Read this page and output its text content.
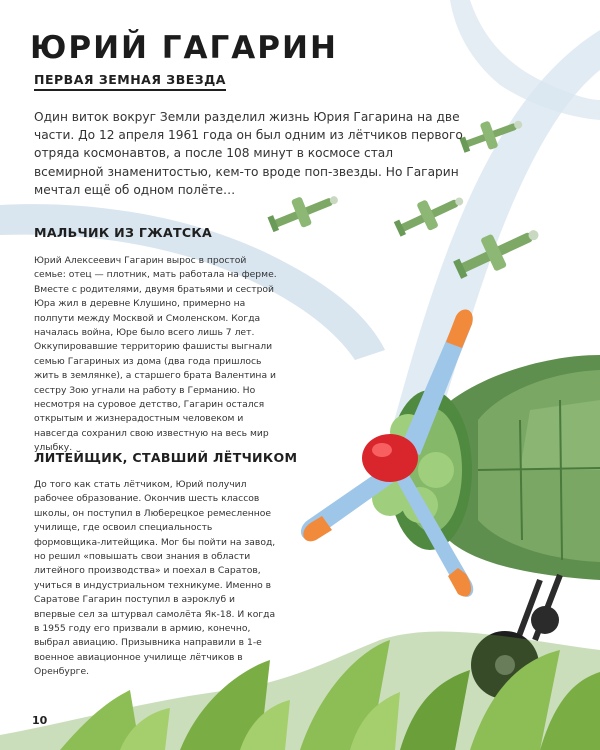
ЮРИЙ ГАГАРИН
ПЕРВАЯ ЗЕМНАЯ ЗВЕЗДА

Один виток вокруг Земли разделил жизнь Юрия Гагарина на две части. До 12 апреля 1961 года он был одним из лётчиков первого отряда космонавтов, а после 108 минут в космосе стал всемирной знаменитостью, кем-то вроде поп-звезды. Но Гагарин мечтал ещё об одном полёте…

МАЛЬЧИК ИЗ ГЖАТСКА

Юрий Алексеевич Гагарин вырос в простой семье: отец — плотник, мать работала на ферме. Вместе с родителями, двумя братьями и сестрой Юра жил в деревне Клушино, примерно на полпути между Москвой и Смоленском. Когда началась война, Юре было всего лишь 7 лет. Оккупировавшие территорию фашисты выгнали семью Гагариных из дома (два года пришлось жить в землянке), а старшего брата Валентина и сестру Зою угнали на работу в Германию. Но несмотря на суровое детство, Гагарин остался открытым и жизнерадостным человеком и навсегда сохранил свою известную на весь мир улыбку.

ЛИТЕЙЩИК, СТАВШИЙ ЛЁТЧИКОМ

До того как стать лётчиком, Юрий получил рабочее образование. Окончив шесть классов школы, он поступил в Люберецкое ремесленное училище, где освоил специальность формовщика-литейщика. Мог бы пойти на завод, но решил «повышать свои знания в области литейного производства» и поехал в Саратов, учиться в индустриальном техникуме. Именно в Саратове Гагарин поступил в аэроклуб и впервые сел за штурвал самолёта Як-18. И когда в 1955 году его призвали в армию, конечно, выбрал авиацию. Призывника направили в 1-е военное авиационное училище лётчиков в Оренбурге.

10
